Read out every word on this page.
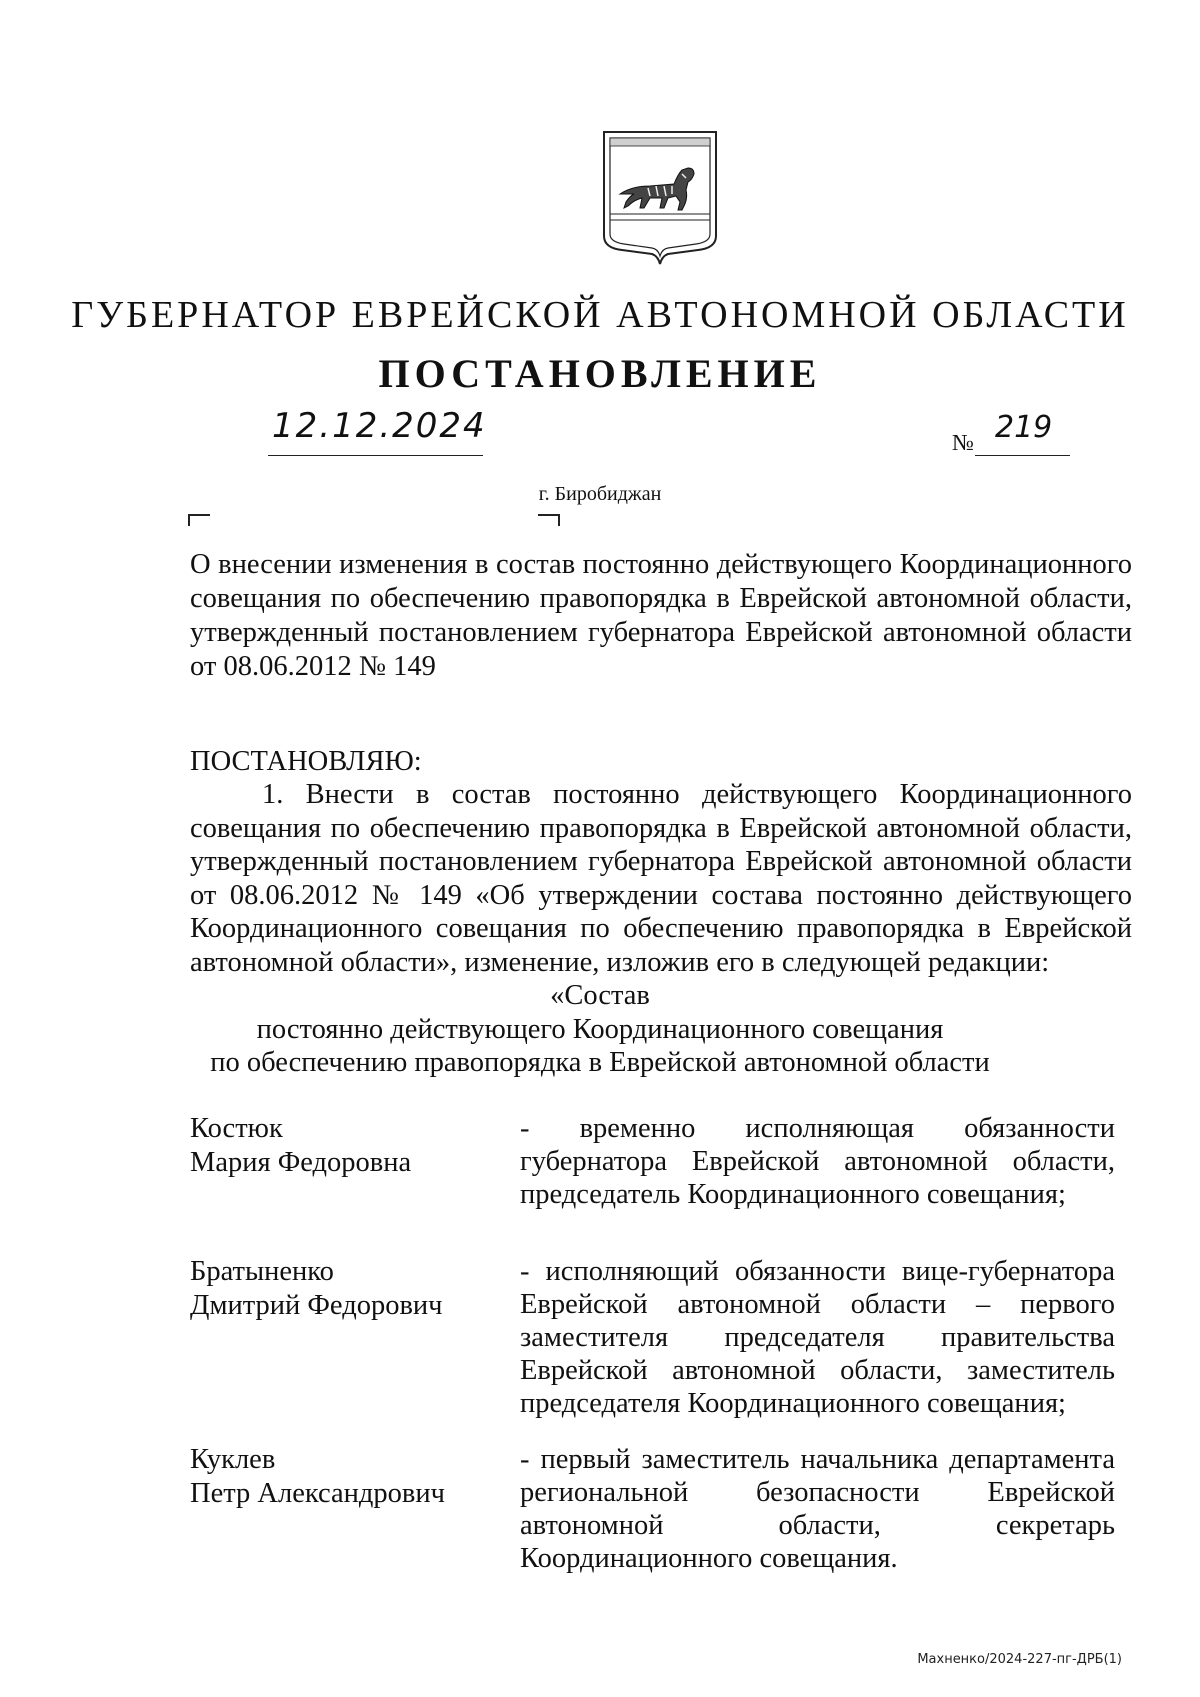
ГУБЕРНАТОР ЕВРЕЙСКОЙ АВТОНОМНОЙ ОБЛАСТИ
ПОСТАНОВЛЕНИЕ
12.12.2024	№ 219
г. Биробиджан
О внесении изменения в состав постоянно действующего Координационного совещания по обеспечению правопорядка в Еврейской автономной области, утвержденный постановлением губернатора Еврейской автономной области от 08.06.2012 № 149
ПОСТАНОВЛЯЮ:
1. Внести в состав постоянно действующего Координационного совещания по обеспечению правопорядка в Еврейской автономной области, утвержденный постановлением губернатора Еврейской автономной области от 08.06.2012 № 149 «Об утверждении состава постоянно действующего Координационного совещания по обеспечению правопорядка в Еврейской автономной области», изменение, изложив его в следующей редакции:
«Состав
постоянно действующего Координационного совещания
по обеспечению правопорядка в Еврейской автономной области
Костюк
Мария Федоровна
- временно исполняющая обязанности губернатора Еврейской автономной области, председатель Координационного совещания;
Братыненко
Дмитрий Федорович
- исполняющий обязанности вице-губернатора Еврейской автономной области – первого заместителя председателя правительства Еврейской автономной области, заместитель председателя Координационного совещания;
Куклев
Петр Александрович
- первый заместитель начальника департамента региональной безопасности Еврейской автономной области, секретарь Координационного совещания.
Махненко/2024-227-пг-ДРБ(1)
